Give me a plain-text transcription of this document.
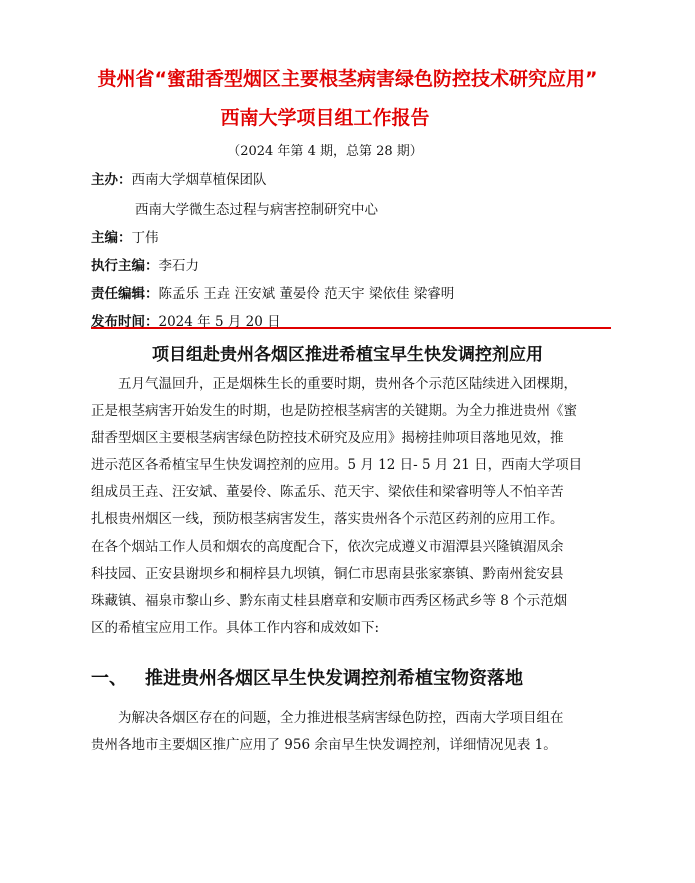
贵州省“蜜甜香型烟区主要根茎病害绿色防控技术研究应用”
西南大学项目组工作报告
（2024 年第 4 期，总第 28 期）
主办：西南大学烟草植保团队
西南大学微生态过程与病害控制研究中心
主编：丁伟
执行主编：李石力
责任编辑：陈孟乐 王垚 汪安斌 董晏伶 范天宇 梁依佳 梁睿明
发布时间：2024 年 5 月 20 日
项目组赴贵州各烟区推进希植宝早生快发调控剂应用
五月气温回升，正是烟株生长的重要时期，贵州各个示范区陆续进入团棵期，
正是根茎病害开始发生的时期，也是防控根茎病害的关键期。为全力推进贵州《蜜
甜香型烟区主要根茎病害绿色防控技术研究及应用》揭榜挂帅项目落地见效，推
进示范区各希植宝早生快发调控剂的应用。5 月 12 日- 5 月 21 日，西南大学项目
组成员王垚、汪安斌、董晏伶、陈孟乐、范天宇、梁依佳和梁睿明等人不怕辛苦
扎根贵州烟区一线，预防根茎病害发生，落实贵州各个示范区药剂的应用工作。
在各个烟站工作人员和烟农的高度配合下，依次完成遵义市湄潭县兴隆镇湄凤余
科技园、正安县谢坝乡和桐梓县九坝镇，铜仁市思南县张家寨镇、黔南州瓮安县
珠藏镇、福泉市黎山乡、黔东南丈桂县磨章和安顺市西秀区杨武乡等 8 个示范烟
区的希植宝应用工作。具体工作内容和成效如下:
一、 推进贵州各烟区早生快发调控剂希植宝物资落地
为解决各烟区存在的问题，全力推进根茎病害绿色防控，西南大学项目组在
贵州各地市主要烟区推广应用了 956 余亩早生快发调控剂，详细情况见表 1。
